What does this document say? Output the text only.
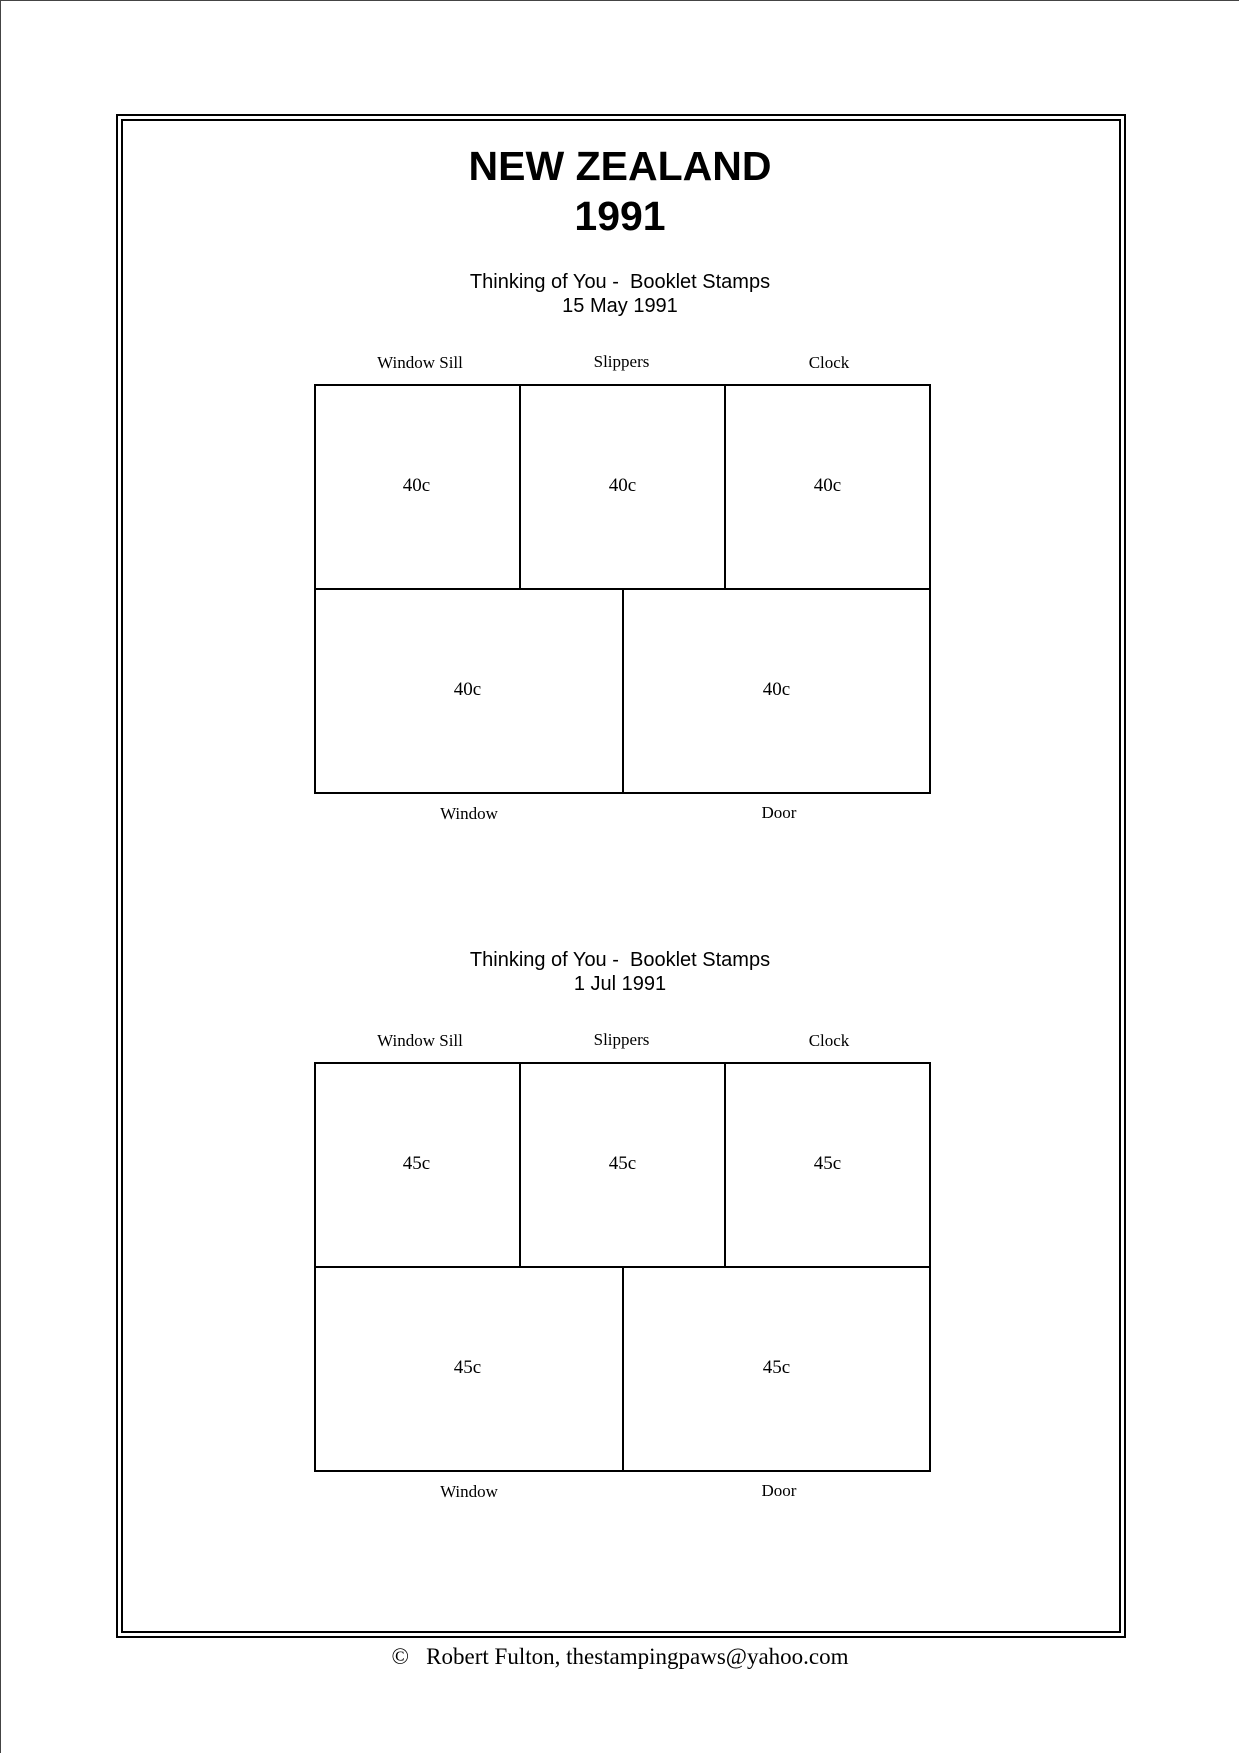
NEW ZEALAND
1991
Thinking of You -  Booklet Stamps
15 May 1991
Window Sill	Slippers	Clock
40c	40c	40c
40c	40c
Window	Door
Thinking of You -  Booklet Stamps
1 Jul 1991
Window Sill	Slippers	Clock
45c	45c	45c
45c	45c
Window	Door
©   Robert Fulton, thestampingpaws@yahoo.com
